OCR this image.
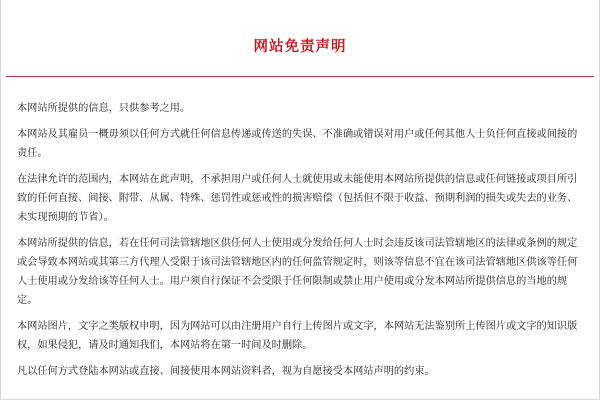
网站免责声明

本网站所提供的信息，只供参考之用。

本网站及其雇员一概毋须以任何方式就任何信息传递或传送的失误、不准确或错误对用户或任何其他人士负任何直接或间接的责任。

在法律允许的范围内，本网站在此声明，不承担用户或任何人士就使用或未能使用本网站所提供的信息或任何链接或项目所引致的任何直接、间接、附带、从属、特殊、惩罚性或惩戒性的损害赔偿（包括但不限于收益、预期利润的损失或失去的业务、未实现预期的节省）。

本网站所提供的信息，若在任何司法管辖地区供任何人士使用或分发给任何人士时会违反该司法管辖地区的法律或条例的规定或会导致本网站或其第三方代理人受限于该司法管辖地区内的任何监管规定时，则该等信息不宜在该司法管辖地区供该等任何人士使用或分发给该等任何人士。用户须自行保证不会受限于任何限制或禁止用户使用或分发本网站所提供信息的当地的规定。

本网站图片，文字之类版权申明，因为网站可以由注册用户自行上传图片或文字，本网站无法鉴别所上传图片或文字的知识版权，如果侵犯，请及时通知我们，本网站将在第一时间及时删除。

凡以任何方式登陆本网站或直接、间接使用本网站资料者，视为自愿接受本网站声明的约束。
